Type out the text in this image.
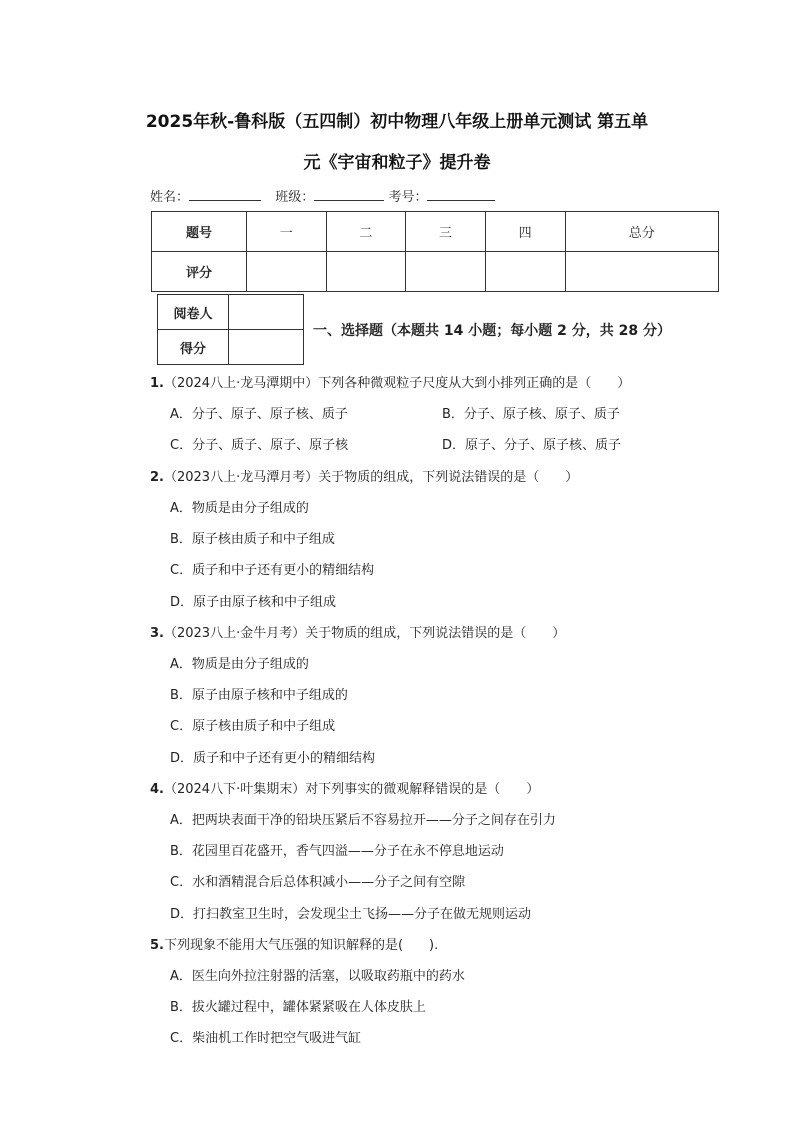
2025年秋-鲁科版（五四制）初中物理八年级上册单元测试 第五单
元《宇宙和粒子》提升卷
姓名：	班级：	考号：
题号	一	二	三	四	总分
评分					
阅卷人	
得分	
一、选择题（本题共 14 小题；每小题 2 分，共 28 分）
1.（2024八上·龙马潭期中）下列各种微观粒子尺度从大到小排列正确的是（　　）
A．分子、原子、原子核、质子	B．分子、原子核、原子、质子
C．分子、质子、原子、原子核	D．原子、分子、原子核、质子
2.（2023八上·龙马潭月考）关于物质的组成，下列说法错误的是（　　）
A．物质是由分子组成的
B．原子核由质子和中子组成
C．质子和中子还有更小的精细结构
D．原子由原子核和中子组成
3.（2023八上·金牛月考）关于物质的组成，下列说法错误的是（　　）
A．物质是由分子组成的
B．原子由原子核和中子组成的
C．原子核由质子和中子组成
D．质子和中子还有更小的精细结构
4.（2024八下·叶集期末）对下列事实的微观解释错误的是（　　）
A．把两块表面干净的铅块压紧后不容易拉开——分子之间存在引力
B．花园里百花盛开，香气四溢——分子在永不停息地运动
C．水和酒精混合后总体积减小——分子之间有空隙
D．打扫教室卫生时，会发现尘土飞扬——分子在做无规则运动
5.下列现象不能用大气压强的知识解释的是(　　).
A．医生向外拉注射器的活塞，以吸取药瓶中的药水
B．拔火罐过程中，罐体紧紧吸在人体皮肤上
C．柴油机工作时把空气吸进气缸
